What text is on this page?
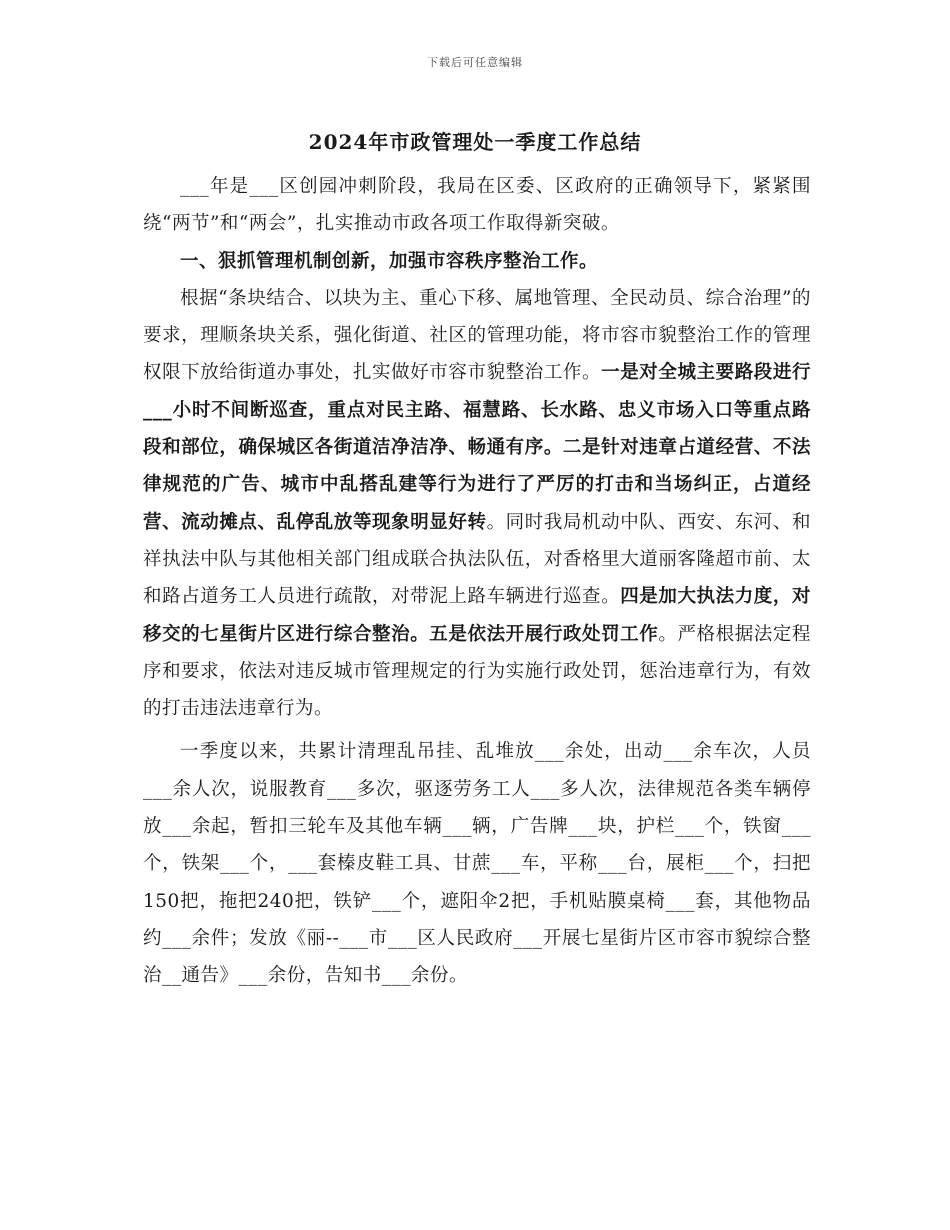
下载后可任意编辑
2024年市政管理处一季度工作总结

___年是___区创园冲刺阶段，我局在区委、区政府的正确领导下，紧紧围绕“两节”和“两会”，扎实推动市政各项工作取得新突破。

一、狠抓管理机制创新，加强市容秩序整治工作。

根据“条块结合、以块为主、重心下移、属地管理、全民动员、综合治理”的要求，理顺条块关系，强化街道、社区的管理功能，将市容市貌整治工作的管理权限下放给街道办事处，扎实做好市容市貌整治工作。一是对全城主要路段进行___小时不间断巡查，重点对民主路、福慧路、长水路、忠义市场入口等重点路段和部位，确保城区各街道洁净洁净、畅通有序。二是针对违章占道经营、不法律规范的广告、城市中乱搭乱建等行为进行了严厉的打击和当场纠正，占道经营、流动摊点、乱停乱放等现象明显好转。同时我局机动中队、西安、东河、和祥执法中队与其他相关部门组成联合执法队伍，对香格里大道丽客隆超市前、太和路占道务工人员进行疏散，对带泥上路车辆进行巡查。四是加大执法力度，对移交的七星街片区进行综合整治。五是依法开展行政处罚工作。严格根据法定程序和要求，依法对违反城市管理规定的行为实施行政处罚，惩治违章行为，有效的打击违法违章行为。

一季度以来，共累计清理乱吊挂、乱堆放___余处，出动___余车次，人员___余人次，说服教育___多次，驱逐劳务工人___多人次，法律规范各类车辆停放___余起，暂扣三轮车及其他车辆___辆，广告牌___块，护栏___个，铁窗___个，铁架___个，___套榛皮鞋工具、甘蔗___车，平称___台，展柜___个，扫把150把，拖把240把，铁铲___个，遮阳伞2把，手机贴膜桌椅___套，其他物品约___余件；发放《丽--___市___区人民政府___开展七星街片区市容市貌综合整治__通告》___余份，告知书___余份。
